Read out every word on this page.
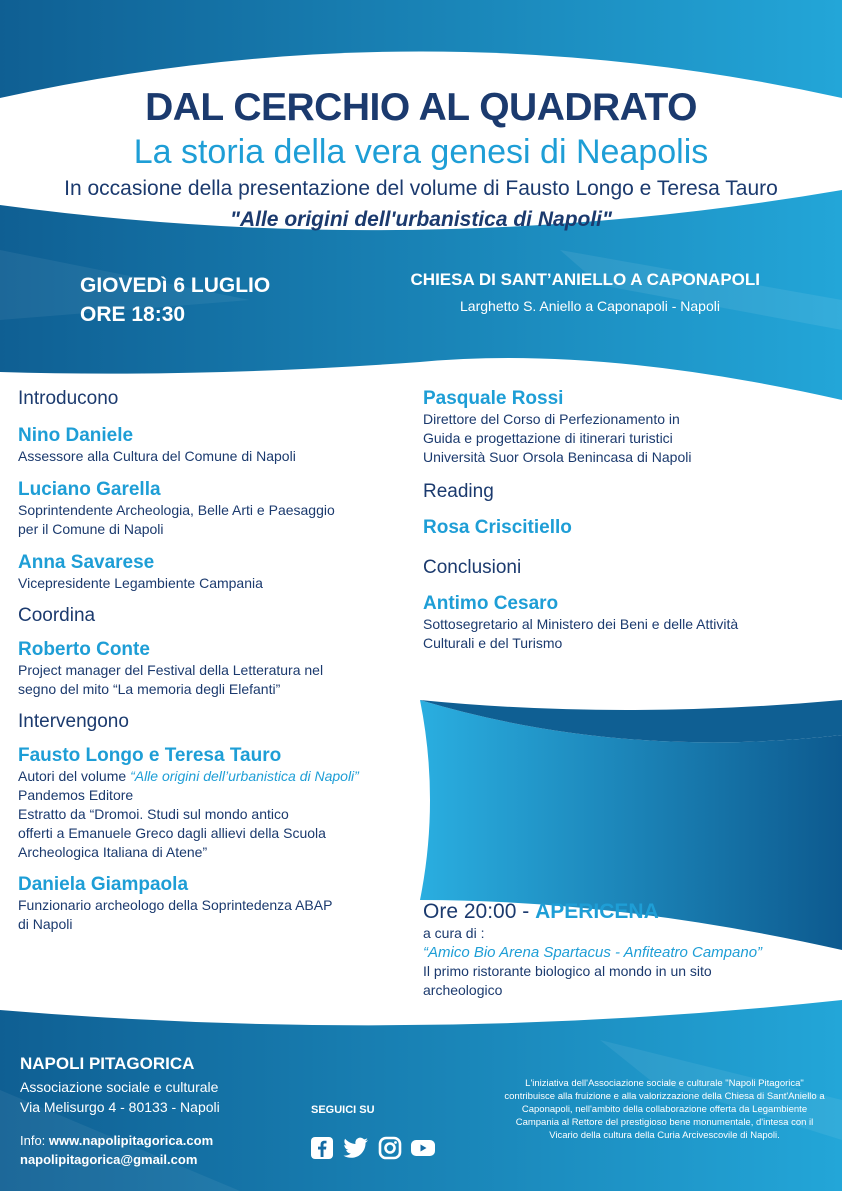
DAL CERCHIO AL QUADRATO
La storia della vera genesi di Neapolis
In occasione della presentazione del volume di Fausto Longo e Teresa Tauro
"Alle origini dell'urbanistica di Napoli"
GIOVEDì 6 LUGLIO
ORE 18:30
CHIESA DI SANT’ANIELLO A CAPONAPOLI
Larghetto S. Aniello a Caponapoli - Napoli
Introducono
Nino Daniele
Assessore alla Cultura del Comune di Napoli
Luciano Garella
Soprintendente Archeologia, Belle Arti e Paesaggio
per il Comune di Napoli
Anna Savarese
Vicepresidente Legambiente Campania
Coordina
Roberto Conte
Project manager del Festival della Letteratura nel
segno del mito “La memoria degli Elefanti”
Intervengono
Fausto Longo e Teresa Tauro
Autori del volume “Alle origini dell’urbanistica di Napoli”
Pandemos Editore
Estratto da “Dromoi. Studi sul mondo antico
offerti a Emanuele Greco dagli allievi della Scuola
Archeologica Italiana di Atene”
Daniela Giampaola
Funzionario archeologo della Soprintedenza ABAP
di Napoli
Pasquale Rossi
Direttore del Corso di Perfezionamento in
Guida e progettazione di itinerari turistici
Università Suor Orsola Benincasa di Napoli
Reading
Rosa Criscitiello
Conclusioni
Antimo Cesaro
Sottosegretario al Ministero dei Beni e delle Attività
Culturali e del Turismo
Ore 20:00 - APERICENA
a cura di :
“Amico Bio Arena Spartacus - Anfiteatro Campano”
Il primo ristorante biologico al mondo in un sito
archeologico
NAPOLI PITAGORICA
Associazione sociale e culturale
Via Melisurgo 4 - 80133 - Napoli
Info: www.napolipitagorica.com
napolipitagorica@gmail.com
SEGUICI SU
L'iniziativa dell'Associazione sociale e culturale "Napoli Pitagorica" contribuisce alla fruizione e alla valorizzazione della Chiesa di Sant'Aniello a Caponapoli, nell'ambito della collaborazione offerta da Legambiente Campania al Rettore del prestigioso bene monumentale, d'intesa con il Vicario della cultura della Curia Arcivescovile di Napoli.
